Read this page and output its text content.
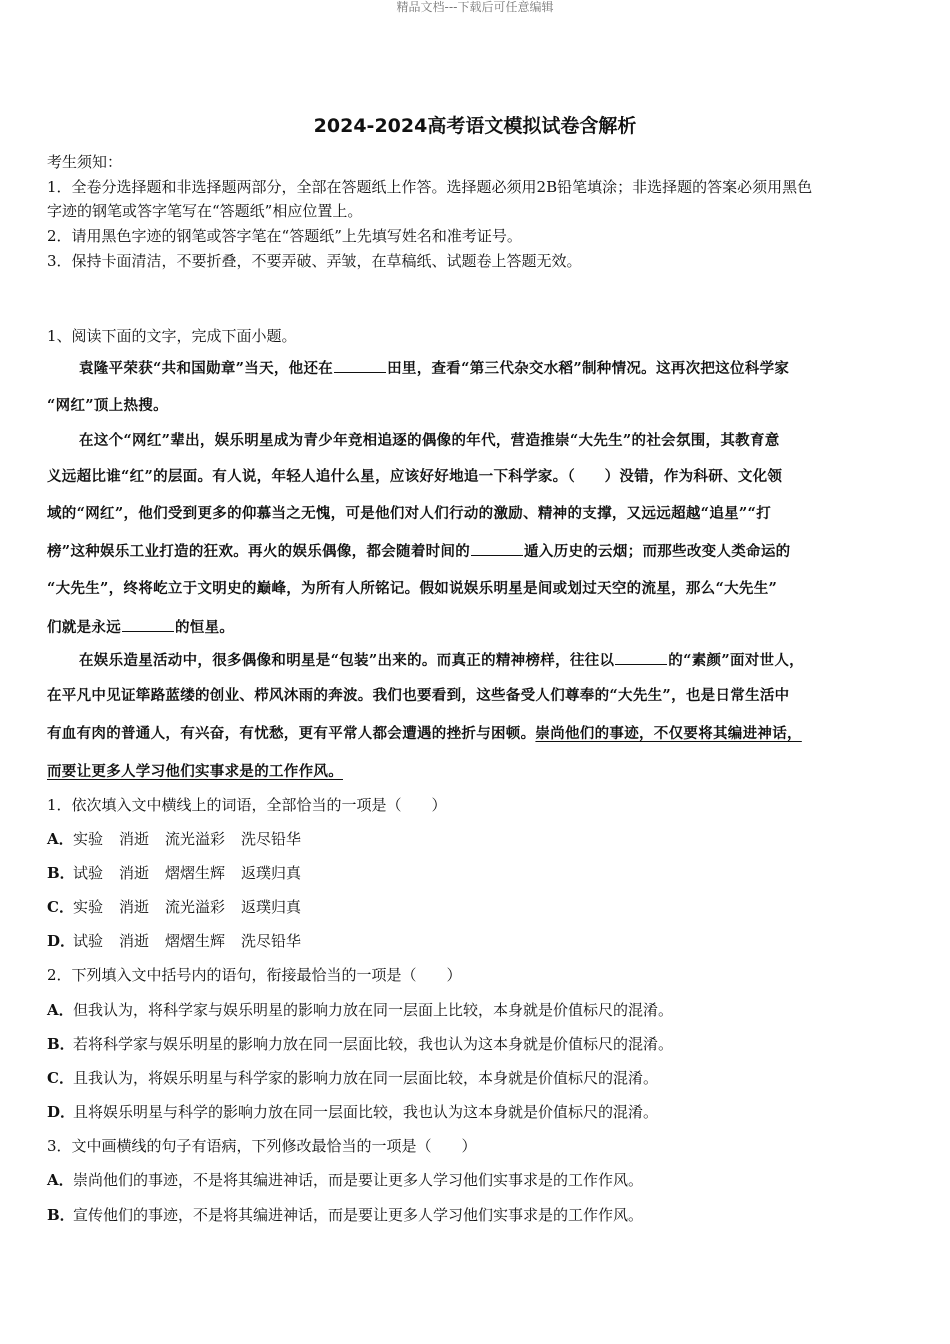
精品文档---下载后可任意编辑
2024-2024高考语文模拟试卷含解析
考生须知：
1．全卷分选择题和非选择题两部分，全部在答题纸上作答。选择题必须用2B铅笔填涂；非选择题的答案必须用黑色
字迹的钢笔或答字笔写在“答题纸”相应位置上。
2．请用黑色字迹的钢笔或答字笔在“答题纸”上先填写姓名和准考证号。
3．保持卡面清洁，不要折叠，不要弄破、弄皱，在草稿纸、试题卷上答题无效。
1、阅读下面的文字，完成下面小题。
袁隆平荣获“共和国勋章”当天，他还在	田里，查看“第三代杂交水稻”制种情况。这再次把这位科学家
“网红”顶上热搜。
在这个“网红”辈出，娱乐明星成为青少年竞相追逐的偶像的年代，营造推崇“大先生”的社会氛围，其教育意
义远超比谁“红”的层面。有人说，年轻人追什么星，应该好好地追一下科学家。（　　）没错，作为科研、文化领
域的“网红”，他们受到更多的仰慕当之无愧，可是他们对人们行动的激励、精神的支撑，又远远超越“追星”“打
榜”这种娱乐工业打造的狂欢。再火的娱乐偶像，都会随着时间的	遁入历史的云烟；而那些改变人类命运的
“大先生”，终将屹立于文明史的巅峰，为所有人所铭记。假如说娱乐明星是间或划过天空的流星，那么“大先生”
们就是永远	的恒星。
在娱乐造星活动中，很多偶像和明星是“包装”出来的。而真正的精神榜样，往往以	的“素颜”面对世人，
在平凡中见证筚路蓝缕的创业、栉风沐雨的奔波。我们也要看到，这些备受人们尊奉的“大先生”，也是日常生活中
有血有肉的普通人，有兴奋，有忧愁，更有平常人都会遭遇的挫折与困顿。崇尚他们的事迹，不仅要将其编进神话，
而要让更多人学习他们实事求是的工作作风。
1．依次填入文中横线上的词语，全部恰当的一项是（　　）
A．实验 消逝 流光溢彩 洗尽铅华
B．试验 消逝 熠熠生辉 返璞归真
C．实验 消逝 流光溢彩 返璞归真
D．试验 消逝 熠熠生辉 洗尽铅华
2．下列填入文中括号内的语句，衔接最恰当的一项是（　　）
A．但我认为，将科学家与娱乐明星的影响力放在同一层面上比较，本身就是价值标尺的混淆。
B．若将科学家与娱乐明星的影响力放在同一层面比较，我也认为这本身就是价值标尺的混淆。
C．且我认为，将娱乐明星与科学家的影响力放在同一层面比较，本身就是价值标尺的混淆。
D．且将娱乐明星与科学的影响力放在同一层面比较，我也认为这本身就是价值标尺的混淆。
3．文中画横线的句子有语病，下列修改最恰当的一项是（　　）
A．崇尚他们的事迹，不是将其编进神话，而是要让更多人学习他们实事求是的工作作风。
B．宣传他们的事迹，不是将其编进神话，而是要让更多人学习他们实事求是的工作作风。
